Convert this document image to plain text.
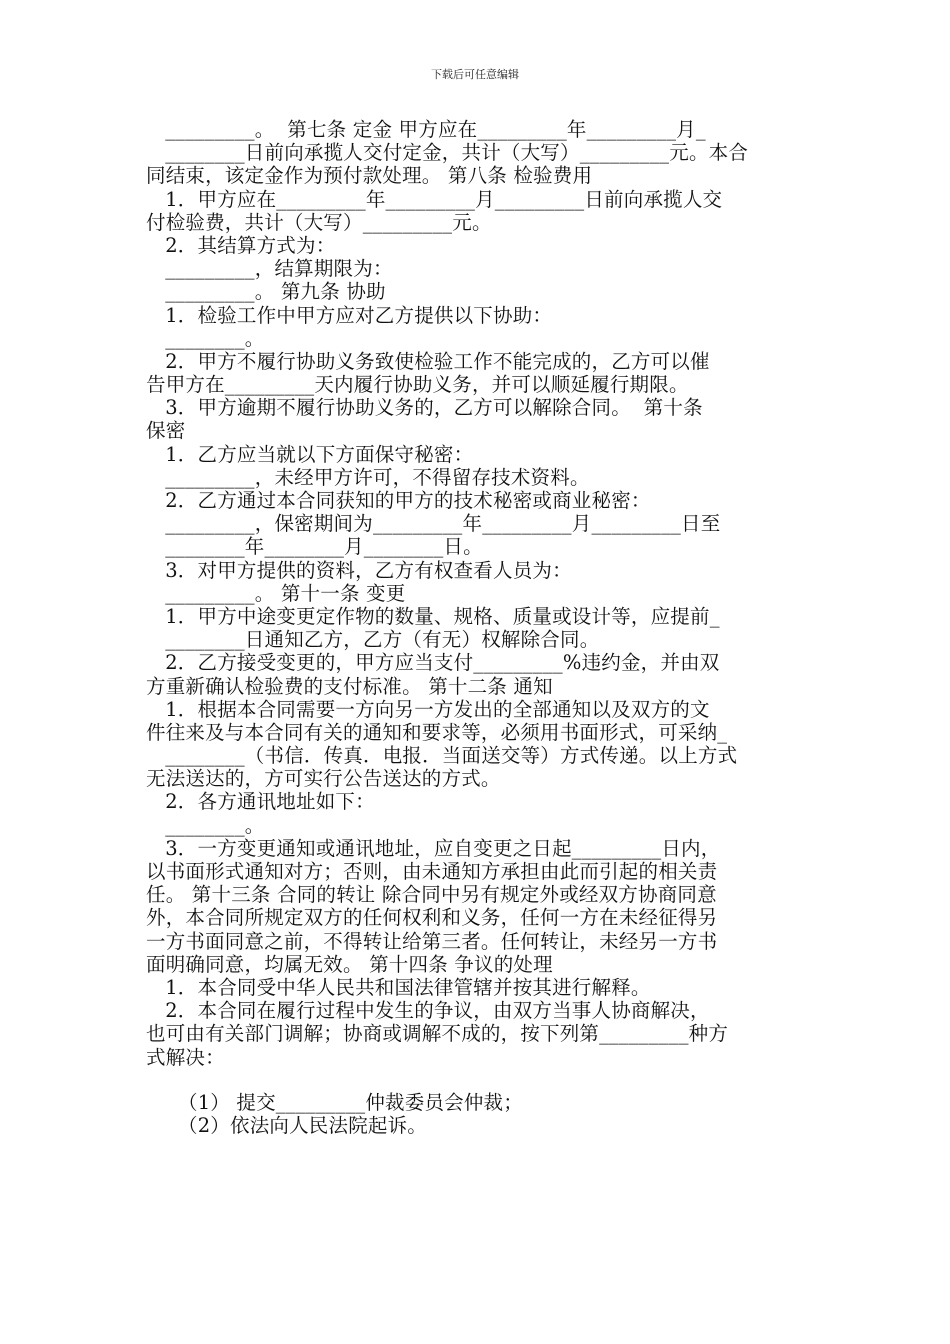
下载后可任意编辑
_________。  第七条 定金 甲方应在_________年_________月_
________日前向承揽人交付定金，共计（大写）_________元。本合
同结束，该定金作为预付款处理。 第八条 检验费用
1．甲方应在_________年_________月_________日前向承揽人交
付检验费，共计（大写）_________元。
2．其结算方式为：
_________，结算期限为：
_________。 第九条 协助
1．检验工作中甲方应对乙方提供以下协助：
________。
2．甲方不履行协助义务致使检验工作不能完成的，乙方可以催
告甲方在_________天内履行协助义务，并可以顺延履行期限。
3．甲方逾期不履行协助义务的，乙方可以解除合同。  第十条
保密
1．乙方应当就以下方面保守秘密：
_________，未经甲方许可，不得留存技术资料。
2．乙方通过本合同获知的甲方的技术秘密或商业秘密：
_________，保密期间为_________年_________月_________日至
________年________月________日。
3．对甲方提供的资料，乙方有权查看人员为：
_________。 第十一条 变更
1．甲方中途变更定作物的数量、规格、质量或设计等，应提前_
________日通知乙方，乙方（有无）权解除合同。
2．乙方接受变更的，甲方应当支付_________%违约金，并由双
方重新确认检验费的支付标准。 第十二条 通知
1．根据本合同需要一方向另一方发出的全部通知以及双方的文
件往来及与本合同有关的通知和要求等，必须用书面形式，可采纳_
________（书信．传真．电报．当面送交等）方式传递。以上方式
无法送达的，方可实行公告送达的方式。
2．各方通讯地址如下：
________。
3．一方变更通知或通讯地址，应自变更之日起_________日内，
以书面形式通知对方；否则，由未通知方承担由此而引起的相关责
任。 第十三条 合同的转让 除合同中另有规定外或经双方协商同意
外，本合同所规定双方的任何权利和义务，任何一方在未经征得另
一方书面同意之前，不得转让给第三者。任何转让，未经另一方书
面明确同意，均属无效。 第十四条 争议的处理
1．本合同受中华人民共和国法律管辖并按其进行解释。
2．本合同在履行过程中发生的争议，由双方当事人协商解决，
也可由有关部门调解；协商或调解不成的，按下列第_________种方
式解决：
（1） 提交_________仲裁委员会仲裁；
（2）依法向人民法院起诉。
